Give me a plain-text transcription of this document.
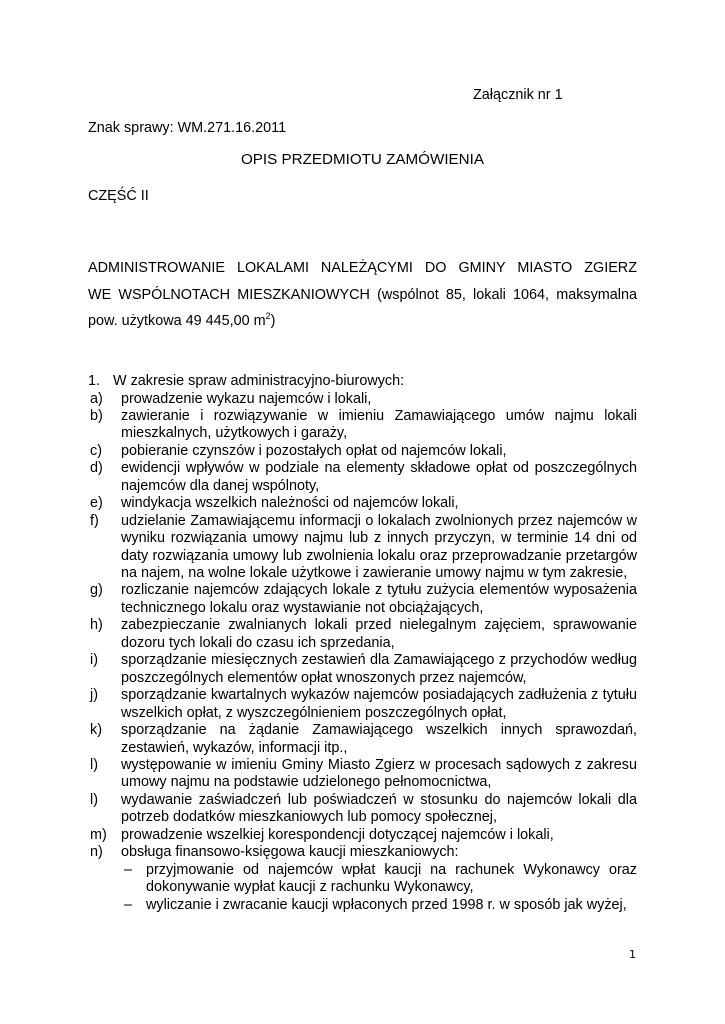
Załącznik nr 1
Znak sprawy: WM.271.16.2011
OPIS PRZEDMIOTU ZAMÓWIENIA
CZĘŚĆ II
ADMINISTROWANIE LOKALAMI NALEŻĄCYMI DO GMINY MIASTO ZGIERZ
WE WSPÓLNOTACH MIESZKANIOWYCH (wspólnot 85, lokali 1064, maksymalna pow. użytkowa 49 445,00 $m^2$)
1. W zakresie spraw administracyjno-biurowych:
a) prowadzenie wykazu najemców i lokali,
b) zawieranie i rozwiązywanie w imieniu Zamawiającego umów najmu lokali mieszkalnych, użytkowych i garaży,
c) pobieranie czynszów i pozostałych opłat od najemców lokali,
d) ewidencji wpływów w podziale na elementy składowe opłat od poszczególnych najemców dla danej wspólnoty,
e) windykacja wszelkich należności od najemców lokali,
f) udzielanie Zamawiającemu informacji o lokalach zwolnionych przez najemców w wyniku rozwiązania umowy najmu lub z innych przyczyn, w terminie 14 dni od daty rozwiązania umowy lub zwolnienia lokalu oraz przeprowadzanie przetargów na najem, na wolne lokale użytkowe i zawieranie umowy najmu w tym zakresie,
g) rozliczanie najemców zdających lokale z tytułu zużycia elementów wyposażenia technicznego lokalu oraz wystawianie not obciążających,
h) zabezpieczanie zwalnianych lokali przed nielegalnym zajęciem, sprawowanie dozoru tych lokali do czasu ich sprzedania,
i) sporządzanie miesięcznych zestawień dla Zamawiającego z przychodów według poszczególnych elementów opłat wnoszonych przez najemców,
j) sporządzanie kwartalnych wykazów najemców posiadających zadłużenia z tytułu wszelkich opłat, z wyszczególnieniem poszczególnych opłat,
k) sporządzanie na żądanie Zamawiającego wszelkich innych sprawozdań, zestawień, wykazów, informacji itp.,
l) występowanie w imieniu Gminy Miasto Zgierz w procesach sądowych z zakresu umowy najmu na podstawie udzielonego pełnomocnictwa,
l) wydawanie zaświadczeń lub poświadczeń w stosunku do najemców lokali dla potrzeb dodatków mieszkaniowych lub pomocy społecznej,
m) prowadzenie wszelkiej korespondencji dotyczącej najemców i lokali,
n) obsługa finansowo-księgowa kaucji mieszkaniowych:
– przyjmowanie od najemców wpłat kaucji na rachunek Wykonawcy oraz dokonywanie wypłat kaucji z rachunku Wykonawcy,
– wyliczanie i zwracanie kaucji wpłaconych przed 1998 r. w sposób jak wyżej,
1
